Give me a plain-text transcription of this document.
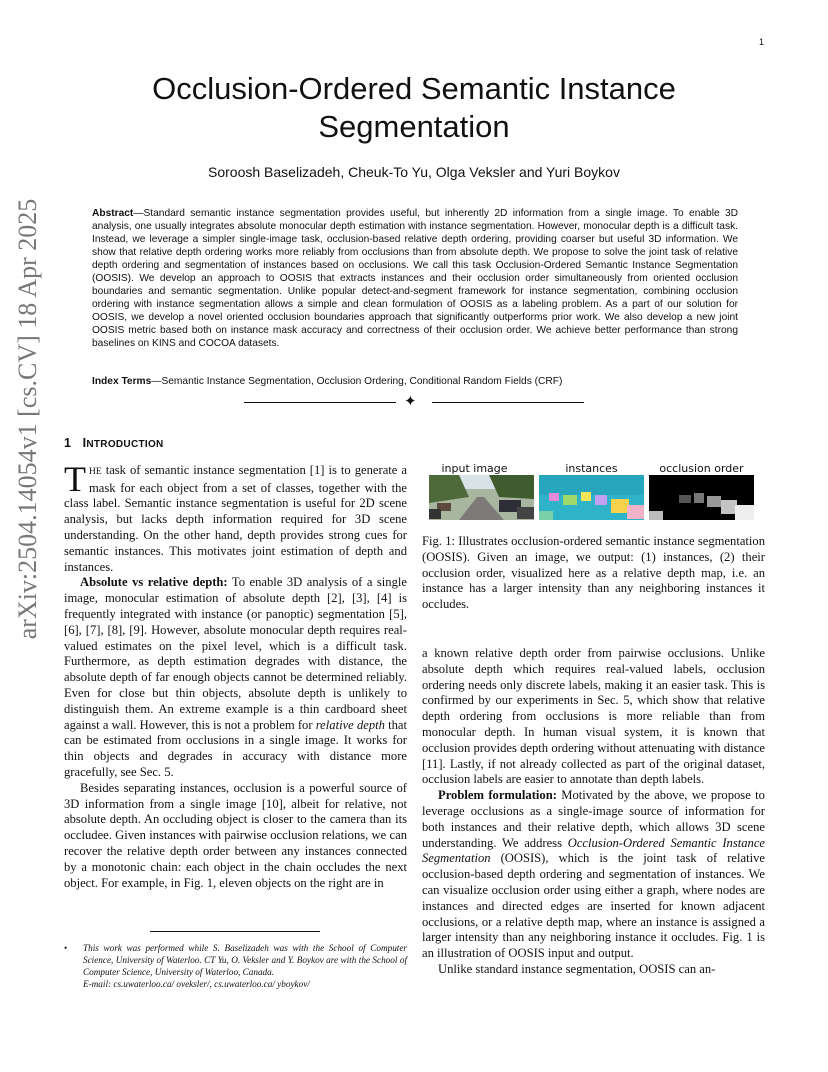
1
Occlusion-Ordered Semantic Instance Segmentation
Soroosh Baselizadeh, Cheuk-To Yu, Olga Veksler and Yuri Boykov
Abstract—Standard semantic instance segmentation provides useful, but inherently 2D information from a single image. To enable 3D analysis, one usually integrates absolute monocular depth estimation with instance segmentation. However, monocular depth is a difficult task. Instead, we leverage a simpler single-image task, occlusion-based relative depth ordering, providing coarser but useful 3D information. We show that relative depth ordering works more reliably from occlusions than from absolute depth. We propose to solve the joint task of relative depth ordering and segmentation of instances based on occlusions. We call this task Occlusion-Ordered Semantic Instance Segmentation (OOSIS). We develop an approach to OOSIS that extracts instances and their occlusion order simultaneously from oriented occlusion boundaries and semantic segmentation. Unlike popular detect-and-segment framework for instance segmentation, combining occlusion ordering with instance segmentation allows a simple and clean formulation of OOSIS as a labeling problem. As a part of our solution for OOSIS, we develop a novel oriented occlusion boundaries approach that significantly outperforms prior work. We also develop a new joint OOSIS metric based both on instance mask accuracy and correctness of their occlusion order. We achieve better performance than strong baselines on KINS and COCOA datasets.
Index Terms—Semantic Instance Segmentation, Occlusion Ordering, Conditional Random Fields (CRF)
✦
arXiv:2504.14054v1 [cs.CV] 18 Apr 2025	1 INTRODUCTION

THE task of semantic instance segmentation [1] is to generate a mask for each object from a set of classes, together with the class label. Semantic instance segmentation is useful for 2D scene analysis, but lacks depth information required for 3D scene understanding. On the other hand, depth provides strong cues for semantic instances. This motivates joint estimation of depth and instances.

Absolute vs relative depth: To enable 3D analysis of a single image, monocular estimation of absolute depth [2], [3], [4] is frequently integrated with instance (or panoptic) segmentation [5], [6], [7], [8], [9]. However, absolute monocular depth requires real-valued estimates on the pixel level, which is a difficult task. Furthermore, as depth estimation degrades with distance, the absolute depth of far enough objects cannot be determined reliably. Even for close but thin objects, absolute depth is unlikely to distinguish them. An extreme example is a thin cardboard sheet against a wall. However, this is not a problem for relative depth that can be estimated from occlusions in a single image. It works for thin objects and degrades in accuracy with distance more gracefully, see Sec. 5.

Besides separating instances, occlusion is a powerful source of 3D information from a single image [10], albeit for relative, not absolute depth. An occluding object is closer to the camera than its occludee. Given instances with pairwise occlusion relations, we can recover the relative depth order between any instances connected by a monotonic chain: each object in the chain occludes the next object. For example, in Fig. 1, eleven objects on the right are in

input image	instances	occlusion order
Fig. 1: Illustrates occlusion-ordered semantic instance segmentation (OOSIS). Given an image, we output: (1) instances, (2) their occlusion order, visualized here as a relative depth map, i.e. an instance has a larger intensity than any neighboring instances it occludes.

a known relative depth order from pairwise occlusions. Unlike absolute depth which requires real-valued labels, occlusion ordering needs only discrete labels, making it an easier task. This is confirmed by our experiments in Sec. 5, which show that relative depth ordering from occlusions is more reliable than from monocular depth. In human visual system, it is known that occlusion provides depth ordering without attenuating with distance [11]. Lastly, if not already collected as part of the original dataset, occlusion labels are easier to annotate than depth labels.

Problem formulation: Motivated by the above, we propose to leverage occlusions as a single-image source of information for both instances and their relative depth, which allows 3D scene understanding. We address Occlusion-Ordered Semantic Instance Segmentation (OOSIS), which is the joint task of relative occlusion-based depth ordering and segmentation of instances. We can visualize occlusion order using either a graph, where nodes are instances and directed edges are inserted for known adjacent occlusions, or a relative depth map, where an instance is assigned a larger intensity than any neighboring instance it occludes. Fig. 1 is an illustration of OOSIS input and output.

Unlike standard instance segmentation, OOSIS can an-

• This work was performed while S. Baselizadeh was with the School of Computer Science, University of Waterloo. CT Yu, O. Veksler and Y. Boykov are with the School of Computer Science, University of Waterloo, Canada.
E-mail: cs.uwaterloo.ca/ oveksler/, cs.uwaterloo.ca/ yboykov/
